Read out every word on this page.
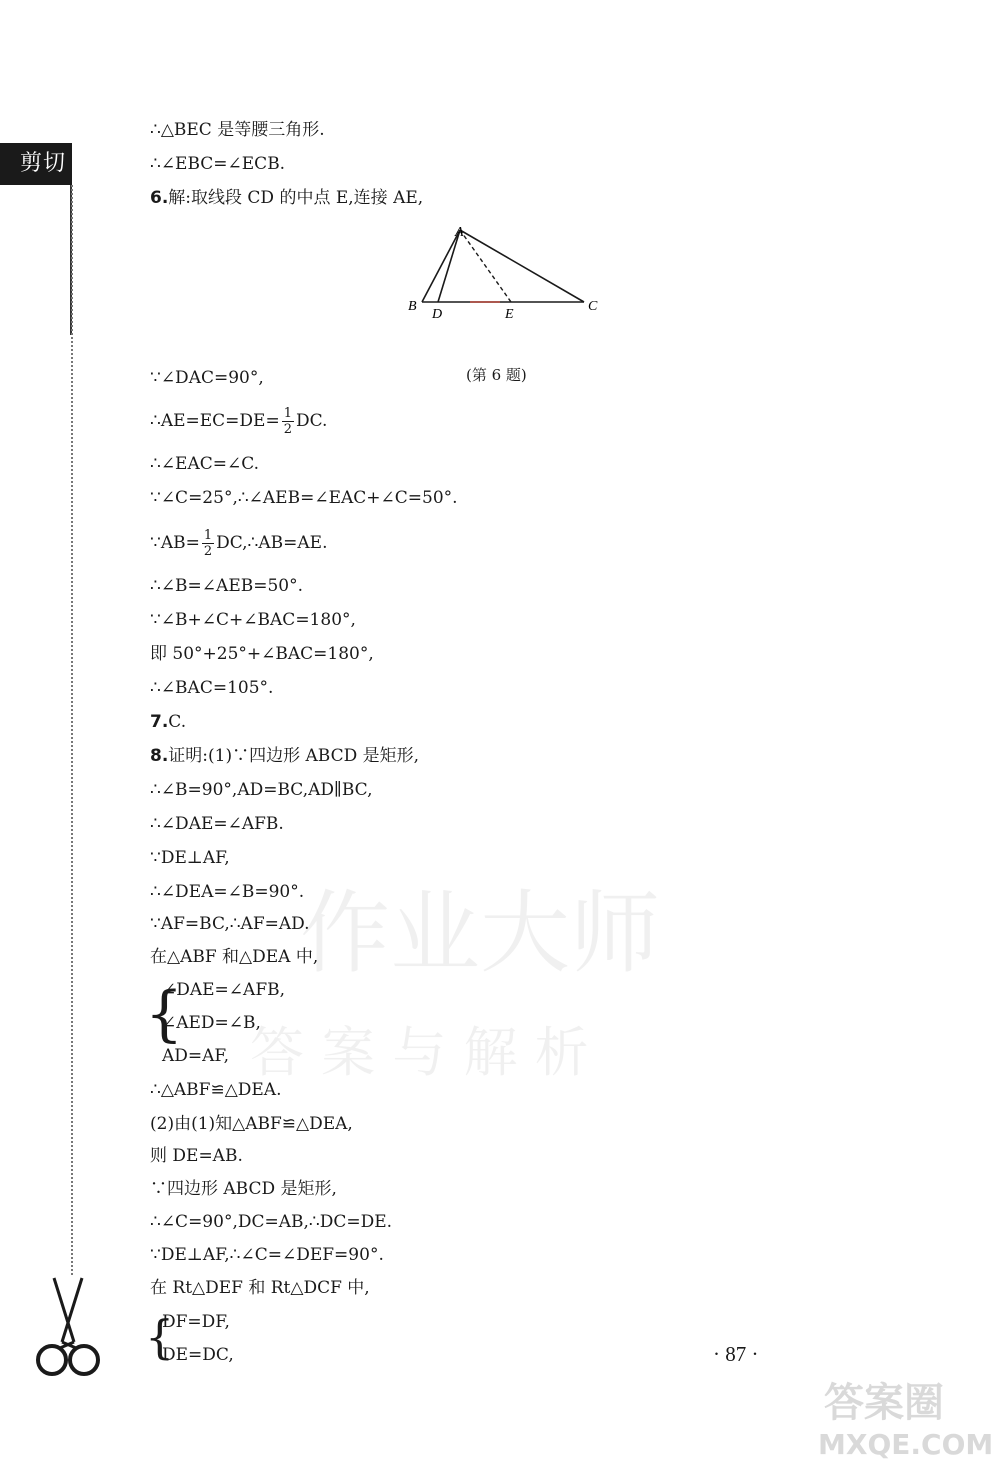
剪切线
作业大师
答 案 与 解 析
∴△BEC 是等腰三角形.
∴∠EBC=∠ECB.
6.解:取线段 CD 的中点 E,连接 AE,
A
B
D	E
C
(第 6 题)
∵∠DAC=90°,
∴AE=EC=DE= $\frac{1}{2}$ DC.
∴∠EAC=∠C.
∵∠C=25°,∴∠AEB=∠EAC+∠C=50°.
∵AB= $\frac{1}{2}$ DC,∴AB=AE.
∴∠B=∠AEB=50°.
∵∠B+∠C+∠BAC=180°,
即 50°+25°+∠BAC=180°,
∴∠BAC=105°.
7.C.
8.证明:(1)∵四边形 ABCD 是矩形,
∴∠B=90°,AD=BC,AD∥BC,
∴∠DAE=∠AFB.
∵DE⊥AF,
∴∠DEA=∠B=90°.
∵AF=BC,∴AF=AD.
在△ABF 和△DEA 中,
{
∠DAE=∠AFB,
∠AED=∠B,
AD=AF,
∴△ABF≌△DEA.
(2)由(1)知△ABF≌△DEA,
则 DE=AB.
∵四边形 ABCD 是矩形,
∴∠C=90°,DC=AB,∴DC=DE.
∵DE⊥AF,∴∠C=∠DEF=90°.
在 Rt△DEF 和 Rt△DCF 中,
{
DF=DF,
DE=DC,	· 87 ·
答案圈
MXQE.COM
